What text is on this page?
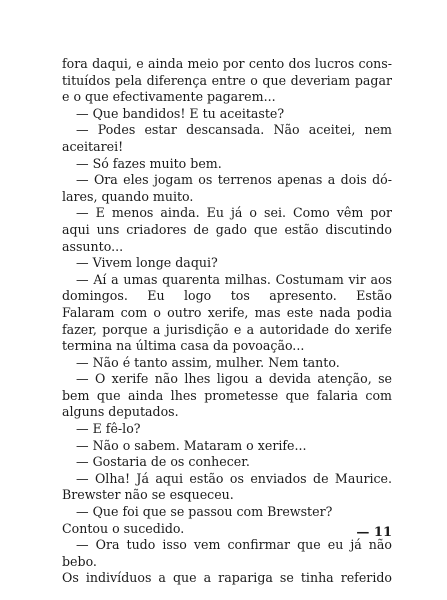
fora daqui, e ainda meio por cento dos lucros cons-
tituídos pela diferença entre o que deveriam pagar
e o que efectivamente pagarem...
— Que bandidos! E tu aceitaste?
— Podes estar descansada. Não aceitei, nem
aceitarei!
— Só fazes muito bem.
— Ora eles jogam os terrenos apenas a dois dó-
lares, quando muito.
— E menos ainda. Eu já o sei. Como vêm por
aqui uns criadores de gado que estão discutindo
assunto...
— Vivem longe daqui?
— Aí a umas quarenta milhas. Costumam vir aos
domingos. Eu logo tos apresento. Estão
Falaram com o outro xerife, mas este nada podia
fazer, porque a jurisdição e a autoridade do xerife
termina na última casa da povoação...
— Não é tanto assim, mulher. Nem tanto.
— O xerife não lhes ligou a devida atenção, se
bem que ainda lhes prometesse que falaria com
alguns deputados.
— E fê-lo?
— Não o sabem. Mataram o xerife...
— Gostaria de os conhecer.
— Olha! Já aqui estão os enviados de Maurice.
Brewster não se esqueceu.
— Que foi que se passou com Brewster?
Contou o sucedido.
— Ora tudo isso vem confirmar que eu já não
bebo.
Os indivíduos a que a rapariga se tinha referido
— 11
